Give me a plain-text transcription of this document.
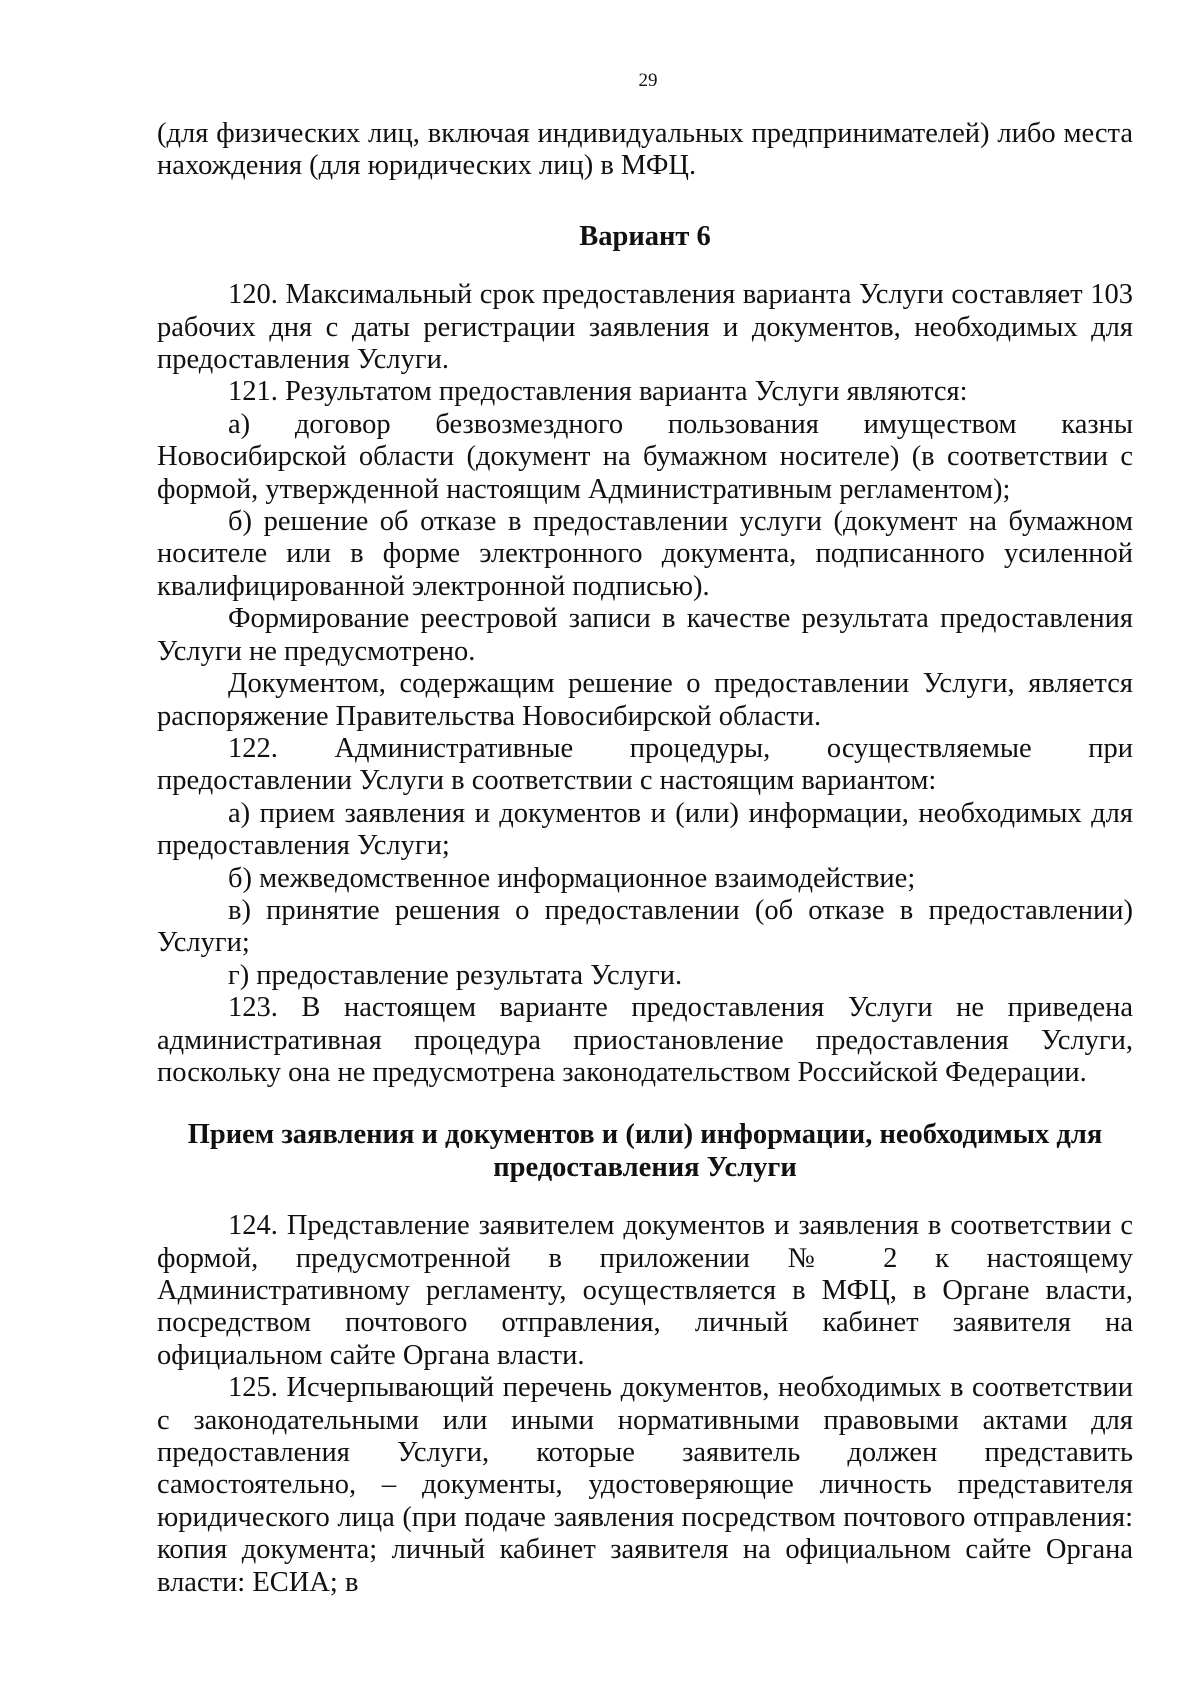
29

(для физических лиц, включая индивидуальных предпринимателей) либо места нахождения (для юридических лиц) в МФЦ.

Вариант 6

120. Максимальный срок предоставления варианта Услуги составляет 103 рабочих дня с даты регистрации заявления и документов, необходимых для предоставления Услуги.

121. Результатом предоставления варианта Услуги являются:

а) договор безвозмездного пользования имуществом казны Новосибирской области (документ на бумажном носителе) (в соответствии с формой, утвержденной настоящим Административным регламентом);

б) решение об отказе в предоставлении услуги (документ на бумажном носителе или в форме электронного документа, подписанного усиленной квалифицированной электронной подписью).

Формирование реестровой записи в качестве результата предоставления Услуги не предусмотрено.

Документом, содержащим решение о предоставлении Услуги, является распоряжение Правительства Новосибирской области.

122. Административные процедуры, осуществляемые при предоставлении Услуги в соответствии с настоящим вариантом:

а) прием заявления и документов и (или) информации, необходимых для предоставления Услуги;

б) межведомственное информационное взаимодействие;

в) принятие решения о предоставлении (об отказе в предоставлении) Услуги;

г) предоставление результата Услуги.

123. В настоящем варианте предоставления Услуги не приведена административная процедура приостановление предоставления Услуги, поскольку она не предусмотрена законодательством Российской Федерации.

Прием заявления и документов и (или) информации, необходимых для предоставления Услуги

124. Представление заявителем документов и заявления в соответствии с формой, предусмотренной в приложении № 2 к настоящему Административному регламенту, осуществляется в МФЦ, в Органе власти, посредством почтового отправления, личный кабинет заявителя на официальном сайте Органа власти.

125. Исчерпывающий перечень документов, необходимых в соответствии с законодательными или иными нормативными правовыми актами для предоставления Услуги, которые заявитель должен представить самостоятельно, – документы, удостоверяющие личность представителя юридического лица (при подаче заявления посредством почтового отправления: копия документа; личный кабинет заявителя на официальном сайте Органа власти: ЕСИА; в
